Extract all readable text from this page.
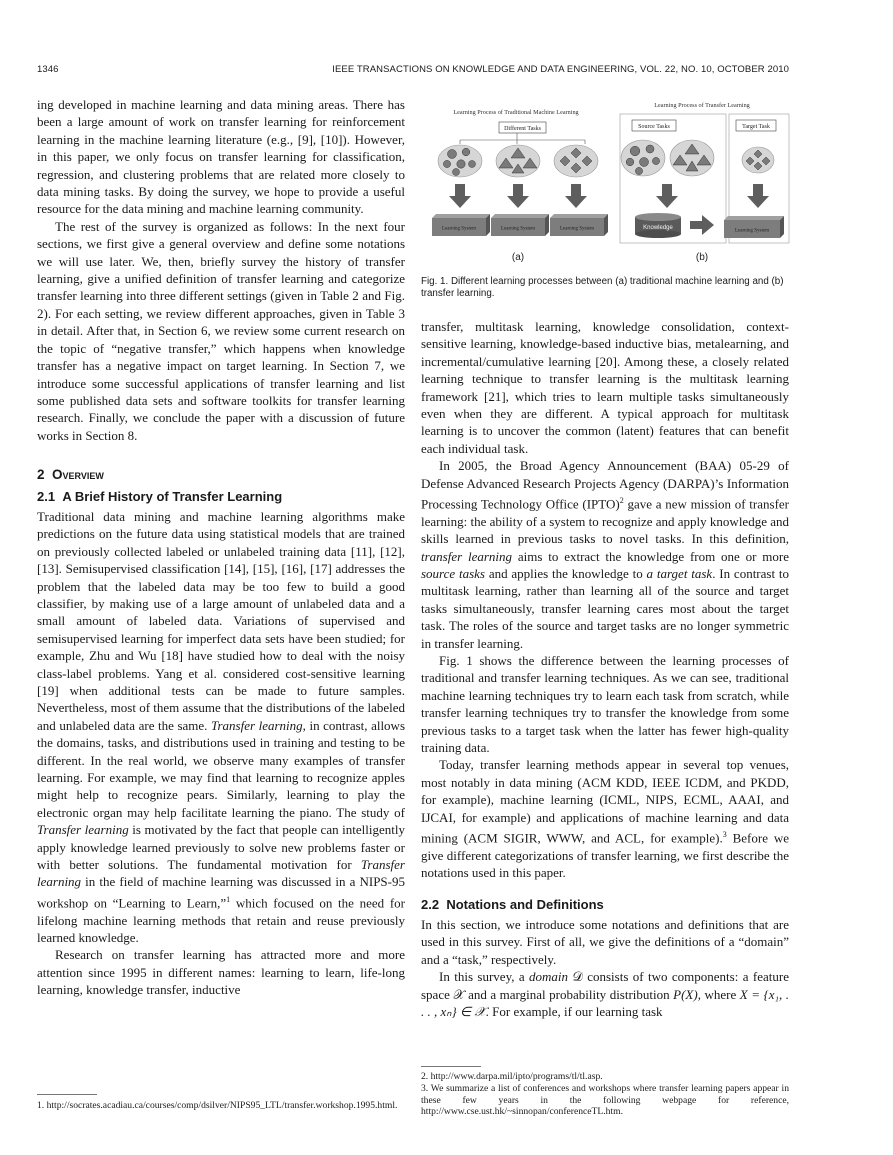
1346	IEEE TRANSACTIONS ON KNOWLEDGE AND DATA ENGINEERING, VOL. 22, NO. 10, OCTOBER 2010

ing developed in machine learning and data mining areas. There has been a large amount of work on transfer learning for reinforcement learning in the machine learning literature (e.g., [9], [10]). However, in this paper, we only focus on transfer learning for classification, regression, and clustering problems that are related more closely to data mining tasks. By doing the survey, we hope to provide a useful resource for the data mining and machine learning community.

The rest of the survey is organized as follows: In the next four sections, we first give a general overview and define some notations we will use later. We, then, briefly survey the history of transfer learning, give a unified definition of transfer learning and categorize transfer learning into three different settings (given in Table 2 and Fig. 2). For each setting, we review different approaches, given in Table 3 in detail. After that, in Section 6, we review some current research on the topic of “negative transfer,” which happens when knowledge transfer has a negative impact on target learning. In Section 7, we introduce some successful applications of transfer learning and list some published data sets and software toolkits for transfer learning research. Finally, we conclude the paper with a discussion of future works in Section 8.

2 Overview
2.1 A Brief History of Transfer Learning

Traditional data mining and machine learning algorithms make predictions on the future data using statistical models that are trained on previously collected labeled or unlabeled training data [11], [12], [13]. Semisupervised classification [14], [15], [16], [17] addresses the problem that the labeled data may be too few to build a good classifier, by making use of a large amount of unlabeled data and a small amount of labeled data. Variations of supervised and semisupervised learning for imperfect data sets have been studied; for example, Zhu and Wu [18] have studied how to deal with the noisy class-label problems. Yang et al. considered cost-sensitive learning [19] when additional tests can be made to future samples. Nevertheless, most of them assume that the distributions of the labeled and unlabeled data are the same. Transfer learning, in contrast, allows the domains, tasks, and distributions used in training and testing to be different. In the real world, we observe many examples of transfer learning. For example, we may find that learning to recognize apples might help to recognize pears. Similarly, learning to play the electronic organ may help facilitate learning the piano. The study of Transfer learning is motivated by the fact that people can intelligently apply knowledge learned previously to solve new problems faster or with better solutions. The fundamental motivation for Transfer learning in the field of machine learning was discussed in a NIPS-95 workshop on “Learning to Learn,”$^1$ which focused on the need for lifelong machine learning methods that retain and reuse previously learned knowledge.

Research on transfer learning has attracted more and more attention since 1995 in different names: learning to learn, life-long learning, knowledge transfer, inductive

1. http://socrates.acadiau.ca/courses/comp/dsilver/NIPS95_LTL/transfer.workshop.1995.html.
Learning Process of Traditional Machine Learning
Different Tasks
Learning System	Learning System	Learning System
Learning Process of Transfer Learning
Source Tasks	Target Task
Knowledge	Learning System
(a)	(b)
Fig. 1. Different learning processes between (a) traditional machine learning and (b) transfer learning.

transfer, multitask learning, knowledge consolidation, context-sensitive learning, knowledge-based inductive bias, metalearning, and incremental/cumulative learning [20]. Among these, a closely related learning technique to transfer learning is the multitask learning framework [21], which tries to learn multiple tasks simultaneously even when they are different. A typical approach for multitask learning is to uncover the common (latent) features that can benefit each individual task.

In 2005, the Broad Agency Announcement (BAA) 05-29 of Defense Advanced Research Projects Agency (DARPA)’s Information Processing Technology Office (IPTO)$^2$ gave a new mission of transfer learning: the ability of a system to recognize and apply knowledge and skills learned in previous tasks to novel tasks. In this definition, transfer learning aims to extract the knowledge from one or more source tasks and applies the knowledge to a target task. In contrast to multitask learning, rather than learning all of the source and target tasks simultaneously, transfer learning cares most about the target task. The roles of the source and target tasks are no longer symmetric in transfer learning.

Fig. 1 shows the difference between the learning processes of traditional and transfer learning techniques. As we can see, traditional machine learning techniques try to learn each task from scratch, while transfer learning techniques try to transfer the knowledge from some previous tasks to a target task when the latter has fewer high-quality training data.

Today, transfer learning methods appear in several top venues, most notably in data mining (ACM KDD, IEEE ICDM, and PKDD, for example), machine learning (ICML, NIPS, ECML, AAAI, and IJCAI, for example) and applications of machine learning and data mining (ACM SIGIR, WWW, and ACL, for example).$^3$ Before we give different categorizations of transfer learning, we first describe the notations used in this paper.

2.2 Notations and Definitions

In this section, we introduce some notations and definitions that are used in this survey. First of all, we give the definitions of a “domain” and a “task,” respectively.

In this survey, a domain 𝒟 consists of two components: a feature space 𝒳 and a marginal probability distribution P(X), where X = {x₁, . . . , xₙ} ∈ 𝒳. For example, if our learning task

2. http://www.darpa.mil/ipto/programs/tl/tl.asp.
3. We summarize a list of conferences and workshops where transfer learning papers appear in these few years in the following webpage for reference, http://www.cse.ust.hk/~sinnopan/conferenceTL.htm.
